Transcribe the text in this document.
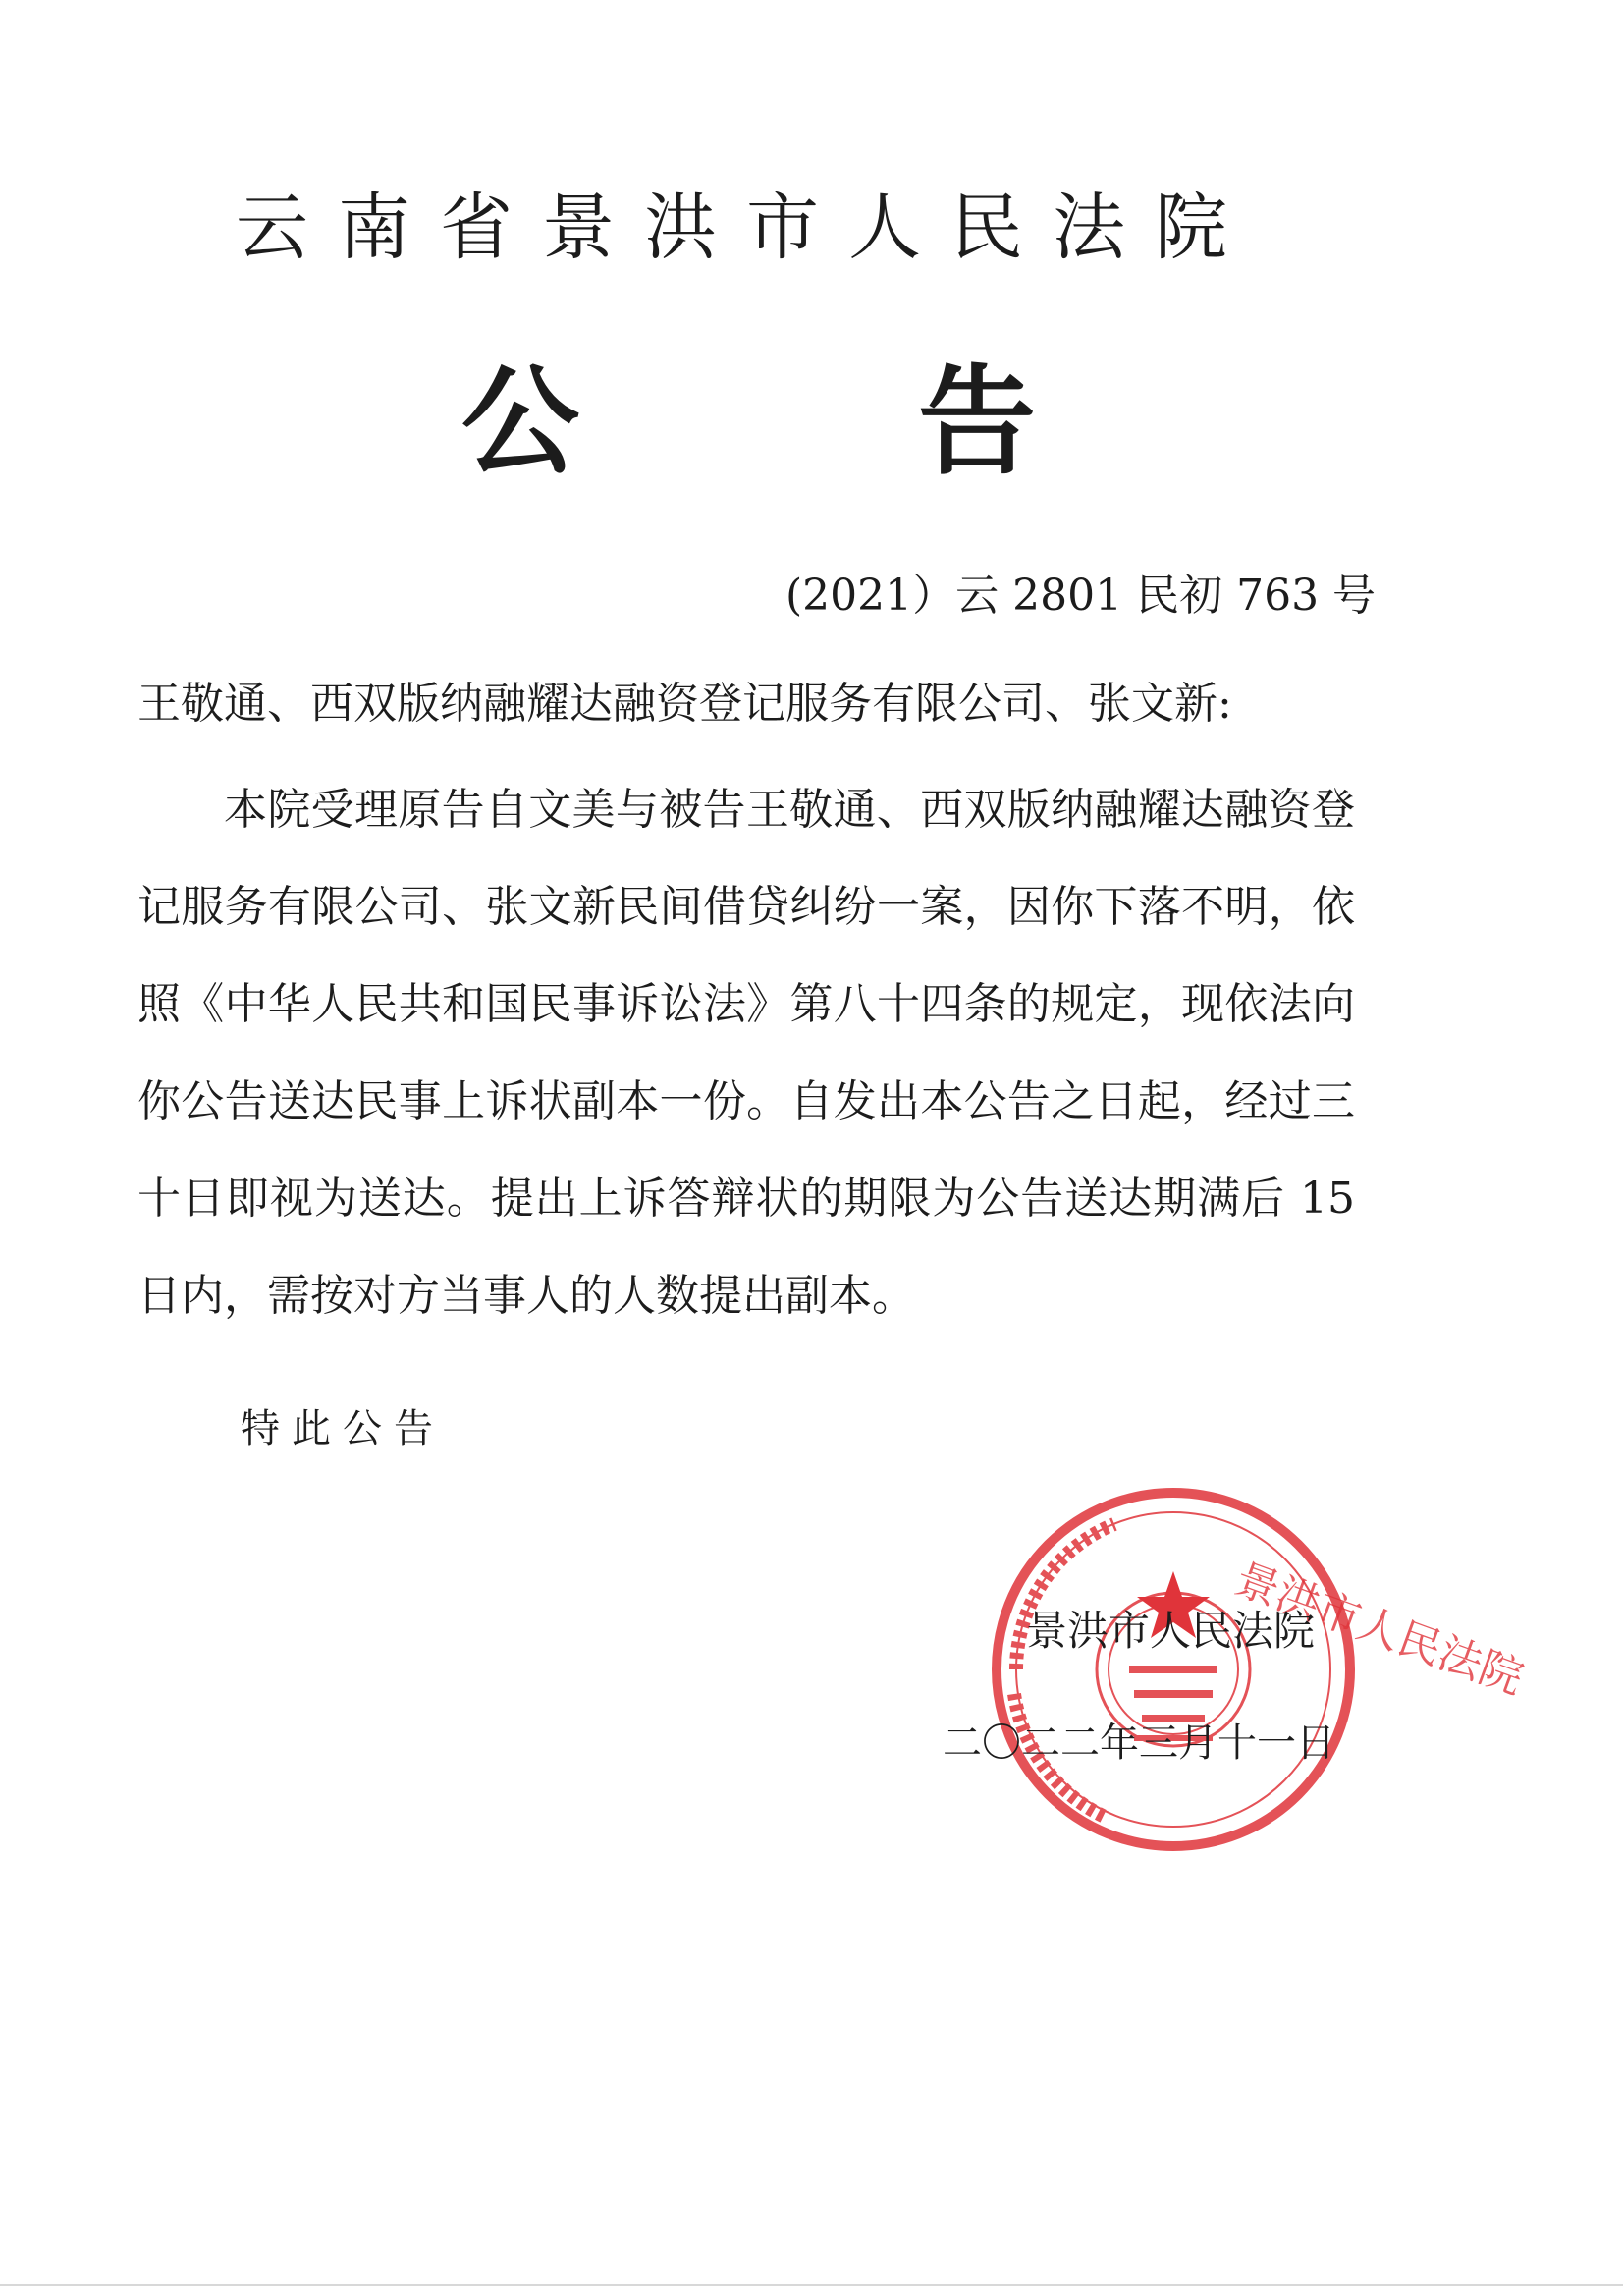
云南省景洪市人民法院
公	告
(2021）云 2801 民初 763 号
王敬通、西双版纳融耀达融资登记服务有限公司、张文新:

本院受理原告自文美与被告王敬通、西双版纳融耀达融资登记服务有限公司、张文新民间借贷纠纷一案，因你下落不明，依照《中华人民共和国民事诉讼法》第八十四条的规定，现依法向你公告送达民事上诉状副本一份。自发出本公告之日起，经过三十日即视为送达。提出上诉答辩状的期限为公告送达期满后 15 日内，需按对方当事人的人数提出副本。

特此公告
景洪市人民法院
景洪市人民法院
二〇二二年三月十一日
